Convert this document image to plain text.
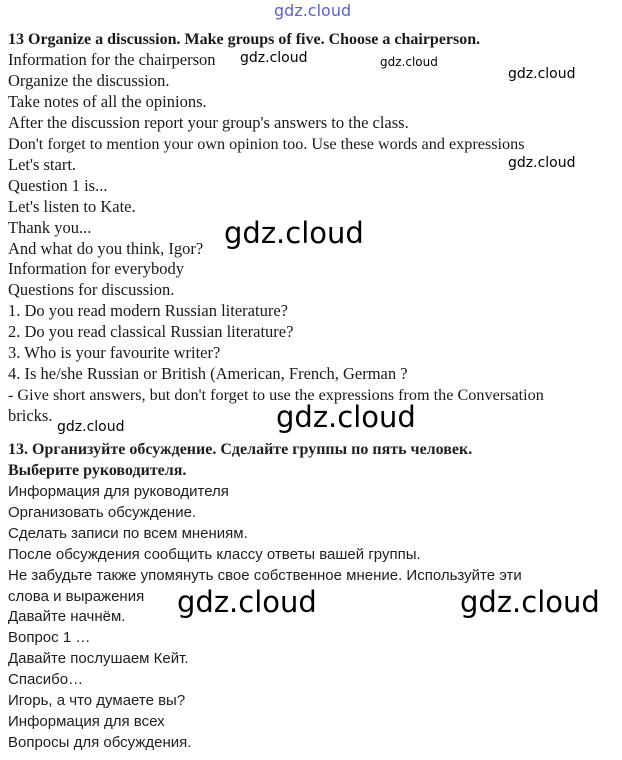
gdz.cloud

13 Organize a discussion. Make groups of five. Choose a chairperson.

Information for the chairperson

Organize the discussion.

Take notes of all the opinions.

After the discussion report your group's answers to the class.

Don't forget to mention your own opinion too. Use these words and expressions

Let's start.

Question 1 is...

Let's listen to Kate.

Thank you...

And what do you think, Igor?

Information for everybody

Questions for discussion.

1. Do you read modern Russian literature?

2. Do you read classical Russian literature?

3. Who is your favourite writer?

4. Is he/she Russian or British (American, French, German ?

- Give short answers, but don't forget to use the expressions from the Conversation

bricks.

13. Организуйте обсуждение. Сделайте группы по пять человек.

Выберите руководителя.

Информация для руководителя

Организовать обсуждение.

Сделать записи по всем мнениям.

После обсуждения сообщить классу ответы вашей группы.

Не забудьте также упомянуть свое собственное мнение. Используйте эти

слова и выражения

Давайте начнём.

Вопрос 1 …

Давайте послушаем Кейт.

Спасибо…

Игорь, а что думаете вы?

Информация для всех

Вопросы для обсуждения.

gdz.cloud	gdz.cloud
gdz.cloud
gdz.cloud
gdz.cloud
gdz.cloud
gdz.cloud
gdz.cloud	gdz.cloud
